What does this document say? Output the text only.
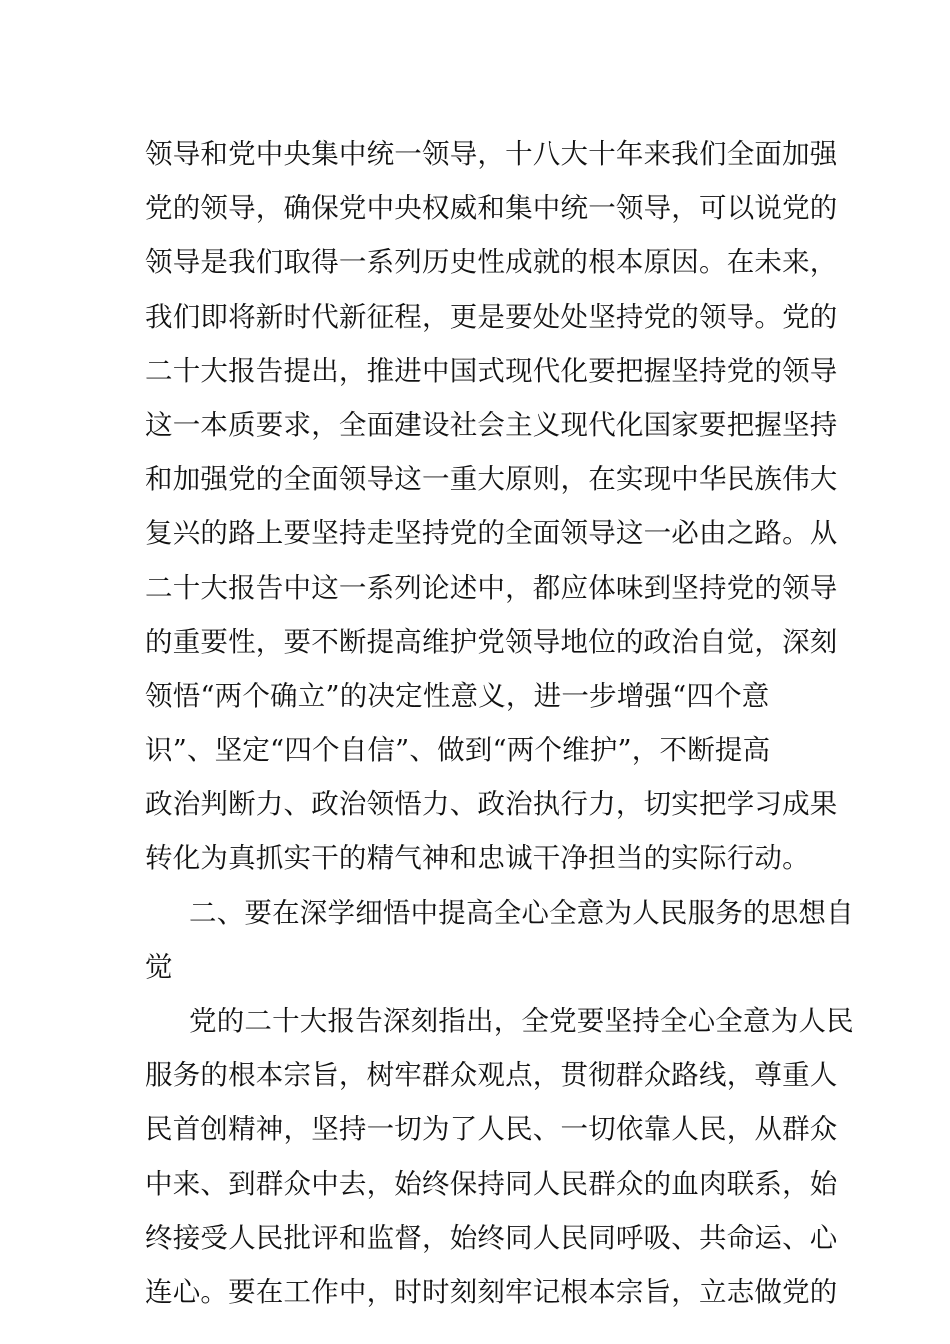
领导和党中央集中统一领导，十八大十年来我们全面加强
党的领导，确保党中央权威和集中统一领导，可以说党的
领导是我们取得一系列历史性成就的根本原因。在未来，
我们即将新时代新征程，更是要处处坚持党的领导。党的
二十大报告提出，推进中国式现代化要把握坚持党的领导
这一本质要求，全面建设社会主义现代化国家要把握坚持
和加强党的全面领导这一重大原则，在实现中华民族伟大
复兴的路上要坚持走坚持党的全面领导这一必由之路。从
二十大报告中这一系列论述中，都应体味到坚持党的领导
的重要性，要不断提高维护党领导地位的政治自觉，深刻
领悟“两个确立”的决定性意义，进一步增强“四个意
识”、坚定“四个自信”、做到“两个维护”，不断提高
政治判断力、政治领悟力、政治执行力，切实把学习成果
转化为真抓实干的精气神和忠诚干净担当的实际行动。
二、要在深学细悟中提高全心全意为人民服务的思想自
觉
党的二十大报告深刻指出，全党要坚持全心全意为人民
服务的根本宗旨，树牢群众观点，贯彻群众路线，尊重人
民首创精神，坚持一切为了人民、一切依靠人民，从群众
中来、到群众中去，始终保持同人民群众的血肉联系，始
终接受人民批评和监督，始终同人民同呼吸、共命运、心
连心。要在工作中，时时刻刻牢记根本宗旨，立志做党的
